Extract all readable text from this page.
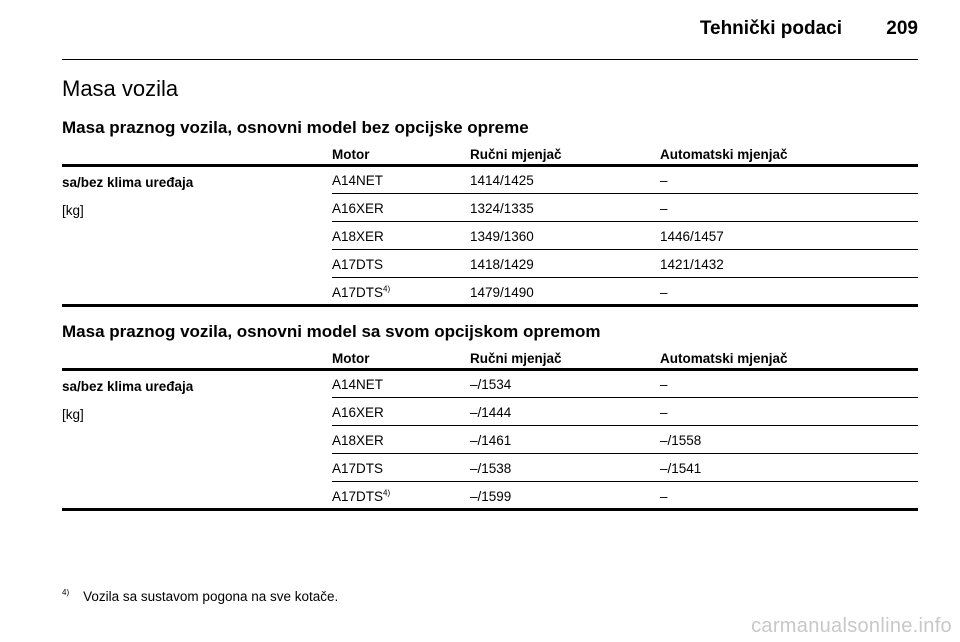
Tehnički podaci 209
Masa vozila
Masa praznog vozila, osnovni model bez opcijske opreme
Motor	Ručni mjenjač	Automatski mjenjač
sa/bez klima uređaja
[kg]
A14NET	1414/1425	–
A16XER	1324/1335	–
A18XER	1349/1360	1446/1457
A17DTS	1418/1429	1421/1432
A17DTS$^{4)}$	1479/1490	–
Masa praznog vozila, osnovni model sa svom opcijskom opremom
Motor	Ručni mjenjač	Automatski mjenjač
sa/bez klima uređaja
[kg]
A14NET	–/1534	–
A16XER	–/1444	–
A18XER	–/1461	–/1558
A17DTS	–/1538	–/1541
A17DTS$^{4)}$	–/1599	–
$^{4)}$ Vozila sa sustavom pogona na sve kotače.
carmanualsonline.info
